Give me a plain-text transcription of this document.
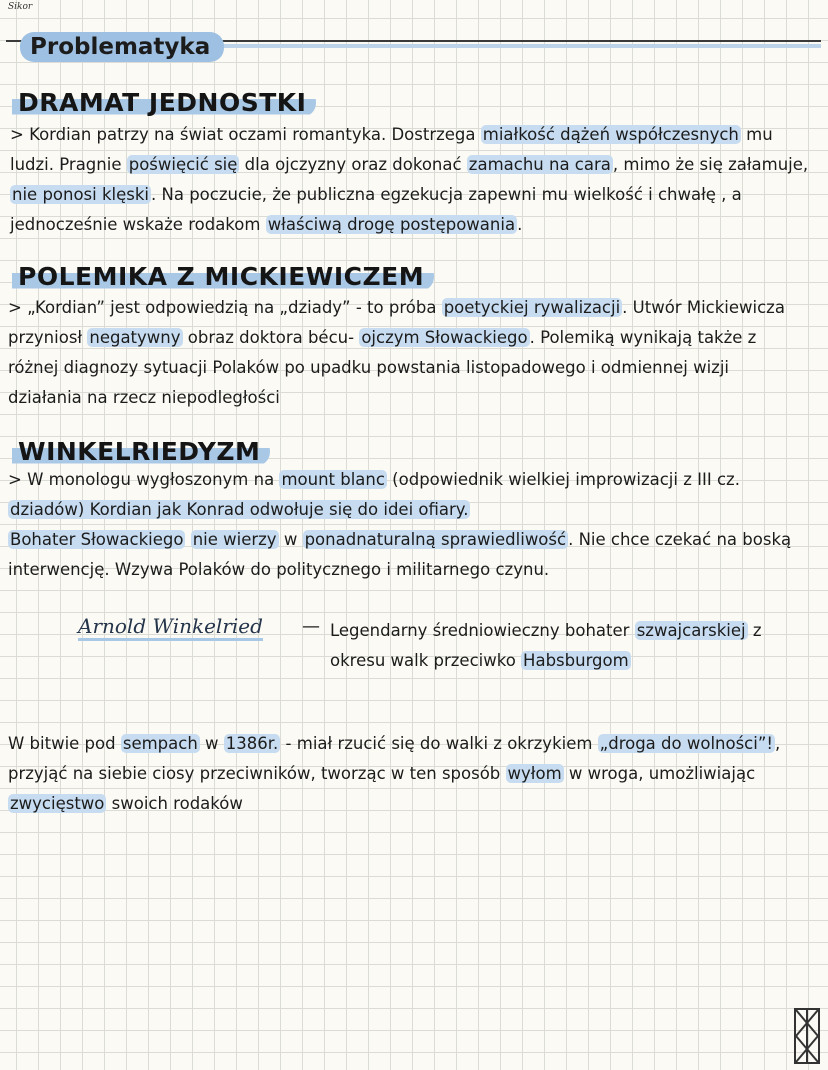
Sikor
Problematyka
DRAMAT JEDNOSTKI
> Kordian patrzy na świat oczami romantyka. Dostrzega miałkość dążeń współczesnych mu
ludzi. Pragnie poświęcić się dla ojczyzny oraz dokonać zamachu na cara , mimo że się załamuje,
nie ponosi klęski . Na poczucie, że publiczna egzekucja zapewni mu wielkość i chwałę , a
jednocześnie wskaże rodakom właściwą drogę postępowania .
POLEMIKA Z MICKIEWICZEM
> „Kordian” jest odpowiedzią na „dziady” - to próba poetyckiej rywalizacji . Utwór Mickiewicza
przyniosł negatywny obraz doktora bécu- ojczym Słowackiego . Polemiką wynikają także z
różnej diagnozy sytuacji Polaków po upadku powstania listopadowego i odmiennej wizji
działania na rzecz niepodległości
WINKELRIEDYZM
> W monologu wygłoszonym na mount blanc (odpowiednik wielkiej improwizacji z III cz.
dziadów) Kordian jak Konrad odwołuje się do idei ofiary.
Bohater Słowackiego nie wierzy w ponadnaturalną sprawiedliwość . Nie chce czekać na boską
interwencję. Wzywa Polaków do politycznego i militarnego czynu.
Arnold Winkelried — Legendarny średniowieczny bohater szwajcarskiej z
okresu walk przeciwko Habsburgom
W bitwie pod sempach w 1386r. - miał rzucić się do walki z okrzykiem „droga do wolności”! ,
przyjąć na siebie ciosy przeciwników, tworząc w ten sposób wyłom w wroga, umożliwiając
zwycięstwo swoich rodaków
